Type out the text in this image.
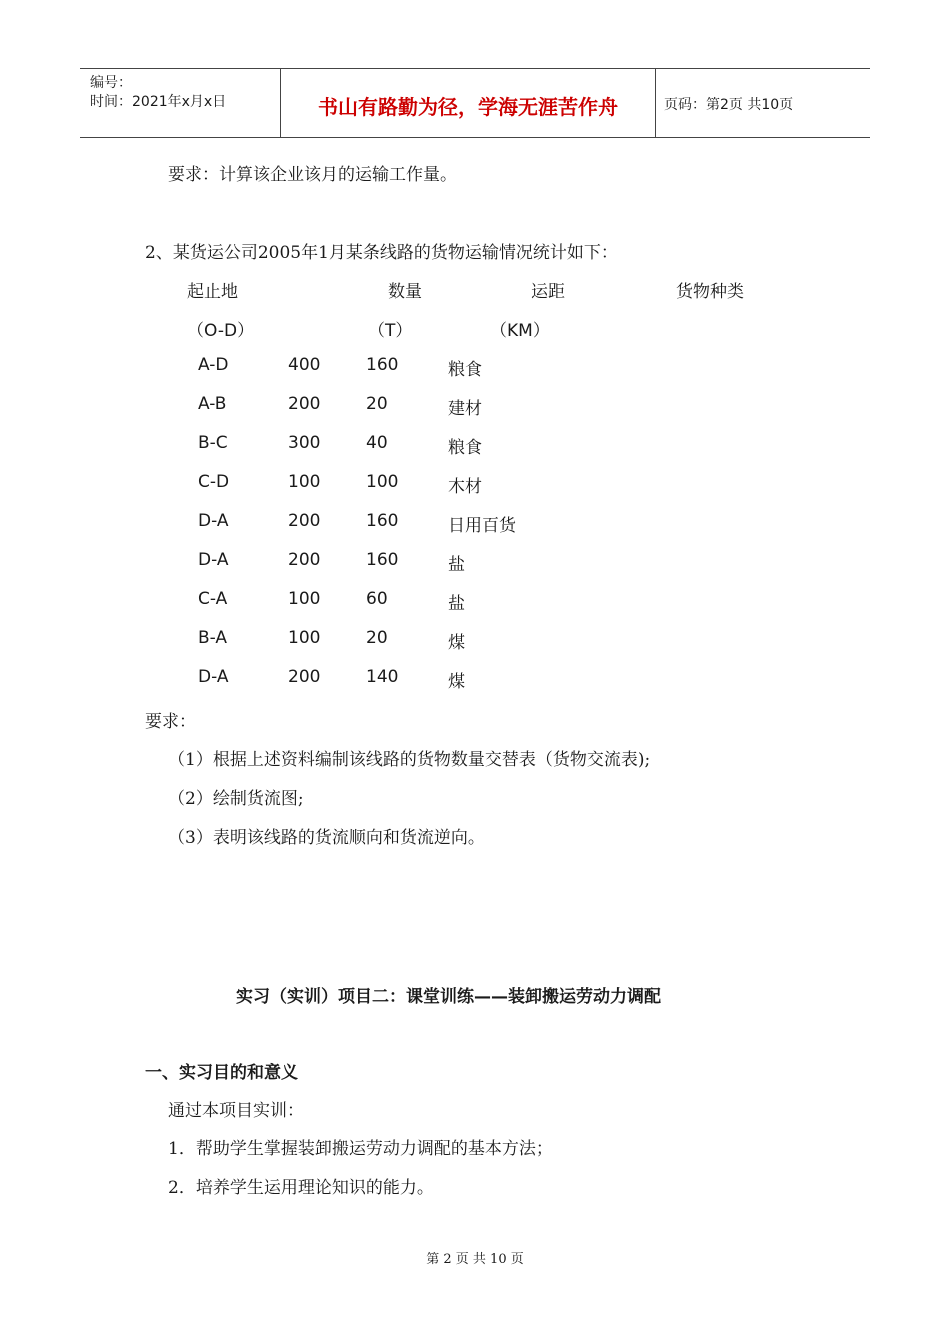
编号：
时间：2021年x月x日	书山有路勤为径，学海无涯苦作舟	页码：第2页 共10页
要求：计算该企业该月的运输工作量。
2、某货运公司2005年1月某条线路的货物运输情况统计如下：
起止地	数量	运距	货物种类
（O-D）	（T）	（KM）
A-D	400	160	粮食
A-B	200	20	建材
B-C	300	40	粮食
C-D	100	100	木材
D-A	200	160	日用百货
D-A	200	160	盐
C-A	100	60	盐
B-A	100	20	煤
D-A	200	140	煤
要求：
（1）根据上述资料编制该线路的货物数量交替表（货物交流表);
（2）绘制货流图;
（3）表明该线路的货流顺向和货流逆向。
实习（实训）项目二：课堂训练——装卸搬运劳动力调配
一、实习目的和意义
通过本项目实训：
1．帮助学生掌握装卸搬运劳动力调配的基本方法；
2．培养学生运用理论知识的能力。
第 2 页 共 10 页
